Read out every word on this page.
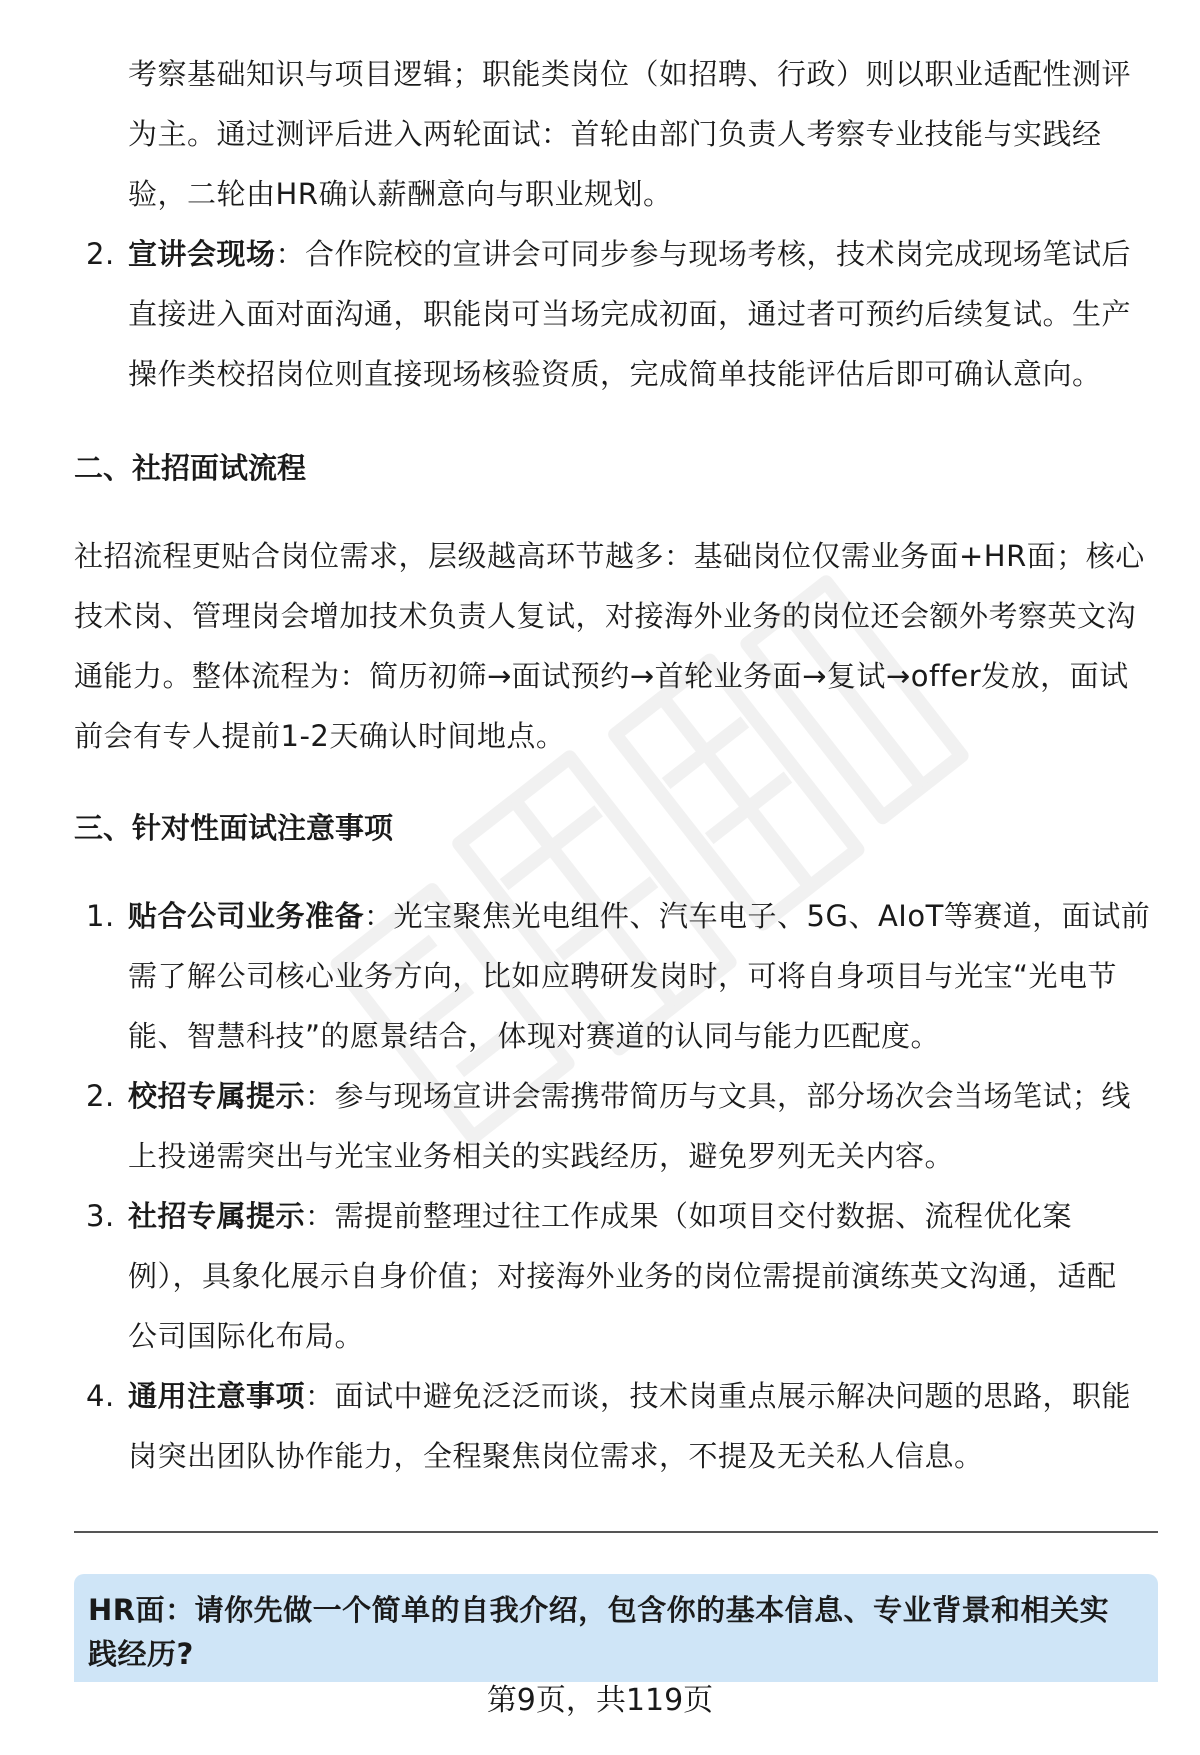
考察基础知识与项目逻辑；职能类岗位（如招聘、行政）则以职业适配性测评
为主。通过测评后进入两轮面试：首轮由部门负责人考察专业技能与实践经
验，二轮由HR确认薪酬意向与职业规划。
2. 宣讲会现场：合作院校的宣讲会可同步参与现场考核，技术岗完成现场笔试后
直接进入面对面沟通，职能岗可当场完成初面，通过者可预约后续复试。生产
操作类校招岗位则直接现场核验资质，完成简单技能评估后即可确认意向。
二、社招面试流程
社招流程更贴合岗位需求，层级越高环节越多：基础岗位仅需业务面+HR面；核心
技术岗、管理岗会增加技术负责人复试，对接海外业务的岗位还会额外考察英文沟
通能力。整体流程为：简历初筛→面试预约→首轮业务面→复试→offer发放，面试
前会有专人提前1-2天确认时间地点。
三、针对性面试注意事项
1. 贴合公司业务准备：光宝聚焦光电组件、汽车电子、5G、AIoT等赛道，面试前
需了解公司核心业务方向，比如应聘研发岗时，可将自身项目与光宝“光电节
能、智慧科技”的愿景结合，体现对赛道的认同与能力匹配度。
2. 校招专属提示：参与现场宣讲会需携带简历与文具，部分场次会当场笔试；线
上投递需突出与光宝业务相关的实践经历，避免罗列无关内容。
3. 社招专属提示：需提前整理过往工作成果（如项目交付数据、流程优化案
例），具象化展示自身价值；对接海外业务的岗位需提前演练英文沟通，适配
公司国际化布局。
4. 通用注意事项：面试中避免泛泛而谈，技术岗重点展示解决问题的思路，职能
岗突出团队协作能力，全程聚焦岗位需求，不提及无关私人信息。
HR面：请你先做一个简单的自我介绍，包含你的基本信息、专业背景和相关实
践经历?
第9页，共119页
